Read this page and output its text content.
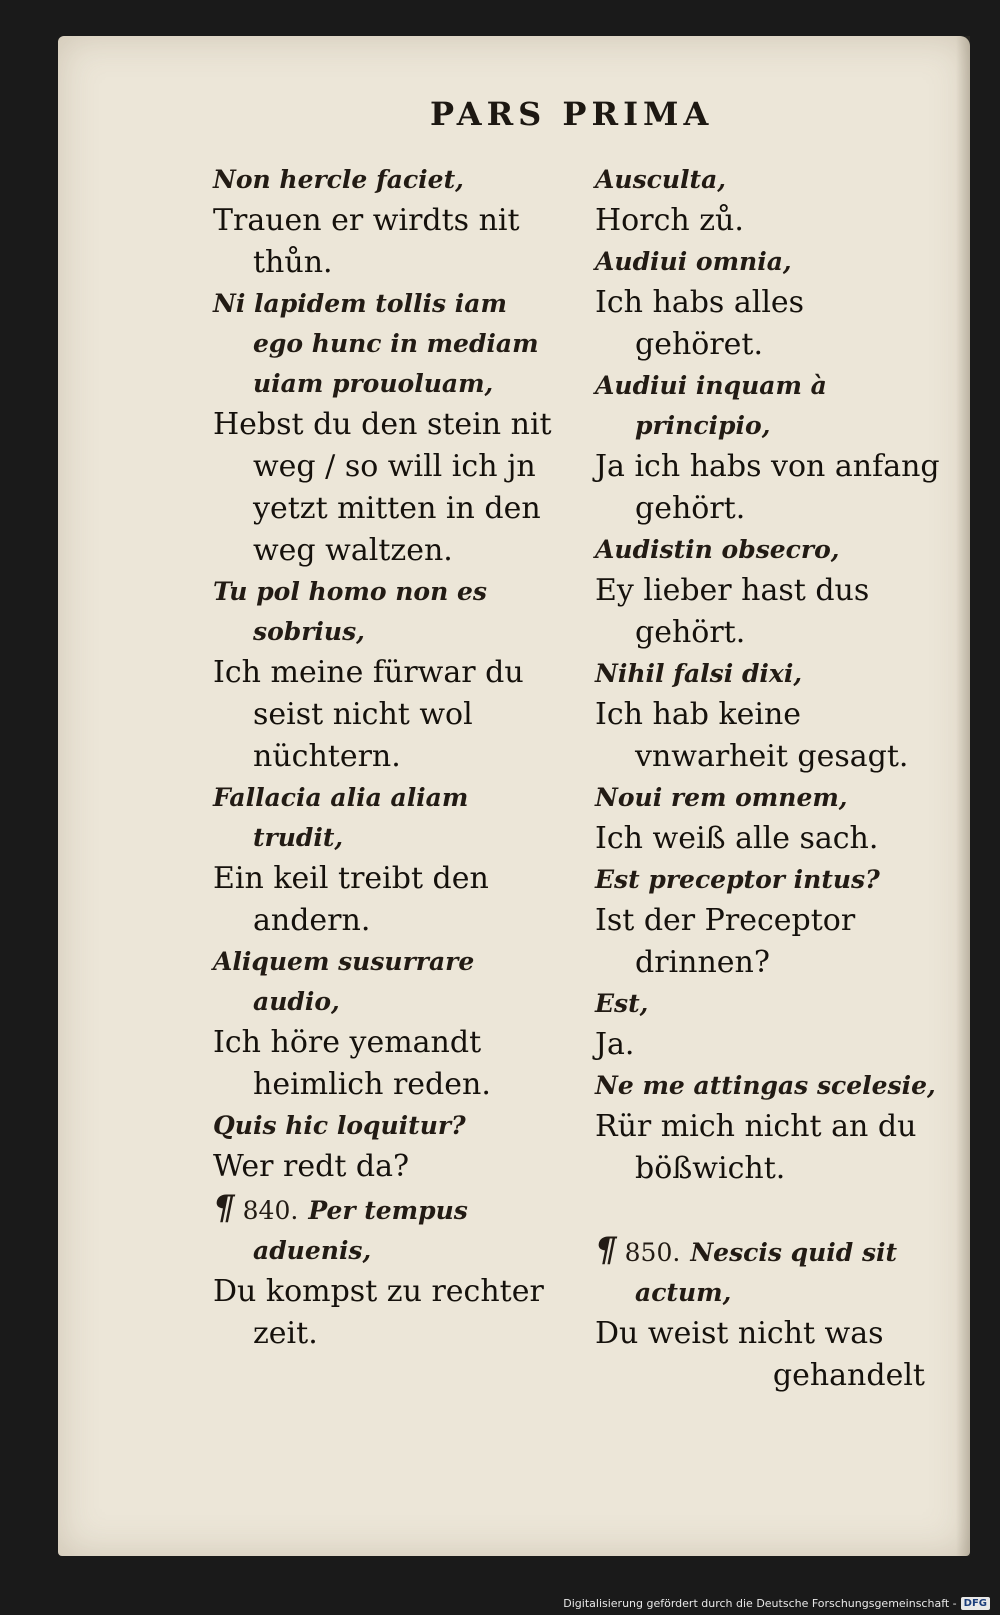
PARS PRIMA
Non hercle faciet,
Trauen er wirdts nit thůn.
Ni lapidem tollis iam ego hunc in mediam uiam prouoluam,
Hebst du den stein nit weg / so will ich jn yetzt mitten in den weg waltzen.
Tu pol homo non es sobrius,
Ich meine fürwar du seist nicht wol nüchtern.
Fallacia alia aliam trudit,
Ein keil treibt den andern.
Aliquem susurrare audio,
Ich höre yemandt heimlich reden.
Quis hic loquitur?
Wer redt da?
¶ 840. Per tempus aduenis,
Du kompst zu rechter zeit.
Ausculta,
Horch zů.
Audiui omnia,
Ich habs alles gehöret.
Audiui inquam à principio,
Ja ich habs von anfang gehört.
Audistin obsecro,
Ey lieber hast dus gehört.
Nihil falsi dixi,
Ich hab keine vnwarheit gesagt.
Noui rem omnem,
Ich weiß alle sach.
Est preceptor intus?
Ist der Preceptor drinnen?
Est,
Ja.
Ne me attingas scelesie,
Rür mich nicht an du bößwicht.
¶ 850. Nescis quid sit actum,
Du weist nicht was
gehandelt
Digitalisierung gefördert durch die Deutsche Forschungsgemeinschaft - DFG
